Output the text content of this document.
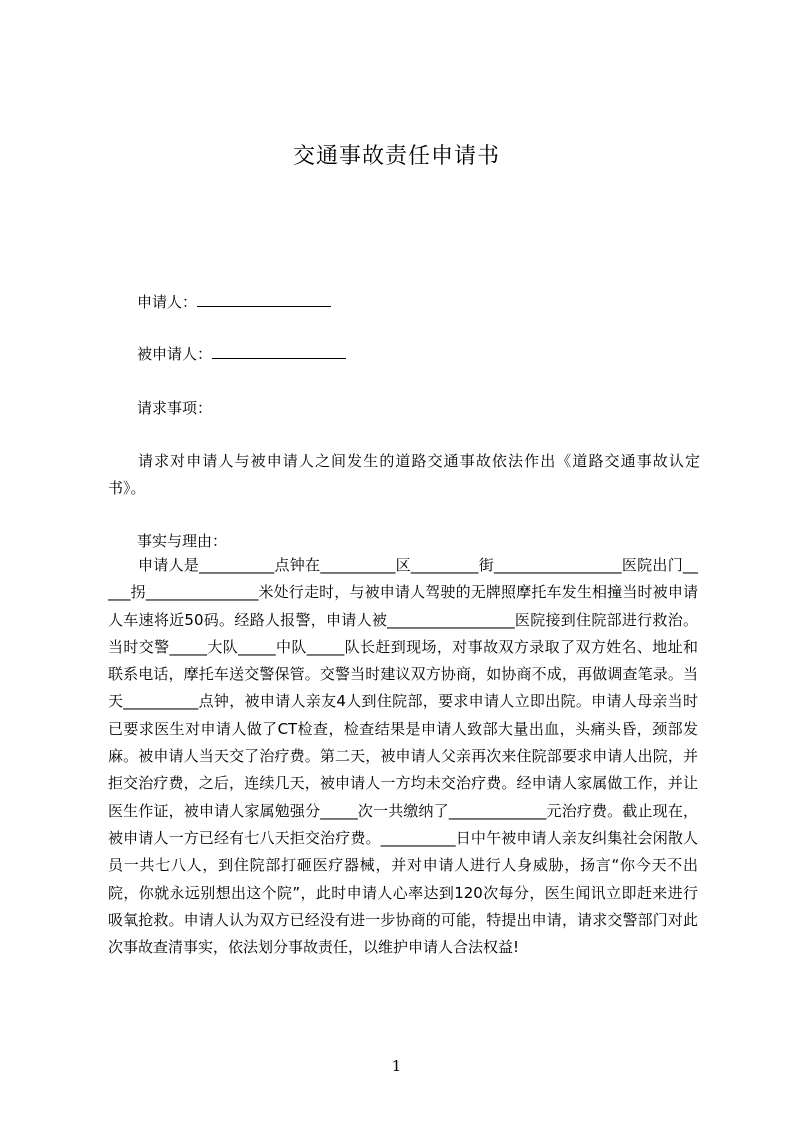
交通事故责任申请书
申请人：
被申请人：
请求事项：
请求对申请人与被申请人之间发生的道路交通事故依法作出《道路交通事故认定书》。
事实与理由：
申请人是__________点钟在__________区_________街_________________医院出门_____拐_______________米处行走时，与被申请人驾驶的无牌照摩托车发生相撞当时被申请人车速将近50码。经路人报警，申请人被_________________医院接到住院部进行救治。当时交警_____大队_____中队_____队长赶到现场，对事故双方录取了双方姓名、地址和联系电话，摩托车送交警保管。交警当时建议双方协商，如协商不成，再做调查笔录。当天__________点钟，被申请人亲友4人到住院部，要求申请人立即出院。申请人母亲当时已要求医生对申请人做了CT检查，检查结果是申请人致部大量出血，头痛头昏，颈部发麻。被申请人当天交了治疗费。第二天，被申请人父亲再次来住院部要求申请人出院，并拒交治疗费，之后，连续几天，被申请人一方均未交治疗费。经申请人家属做工作，并让医生作证，被申请人家属勉强分_____次一共缴纳了_____________元治疗费。截止现在，被申请人一方已经有七八天拒交治疗费。__________日中午被申请人亲友纠集社会闲散人员一共七八人，到住院部打砸医疗器械，并对申请人进行人身威胁，扬言“你今天不出院，你就永远别想出这个院”，此时申请人心率达到120次每分，医生闻讯立即赶来进行吸氧抢救。申请人认为双方已经没有进一步协商的可能，特提出申请，请求交警部门对此次事故查清事实，依法划分事故责任，以维护申请人合法权益!
1
